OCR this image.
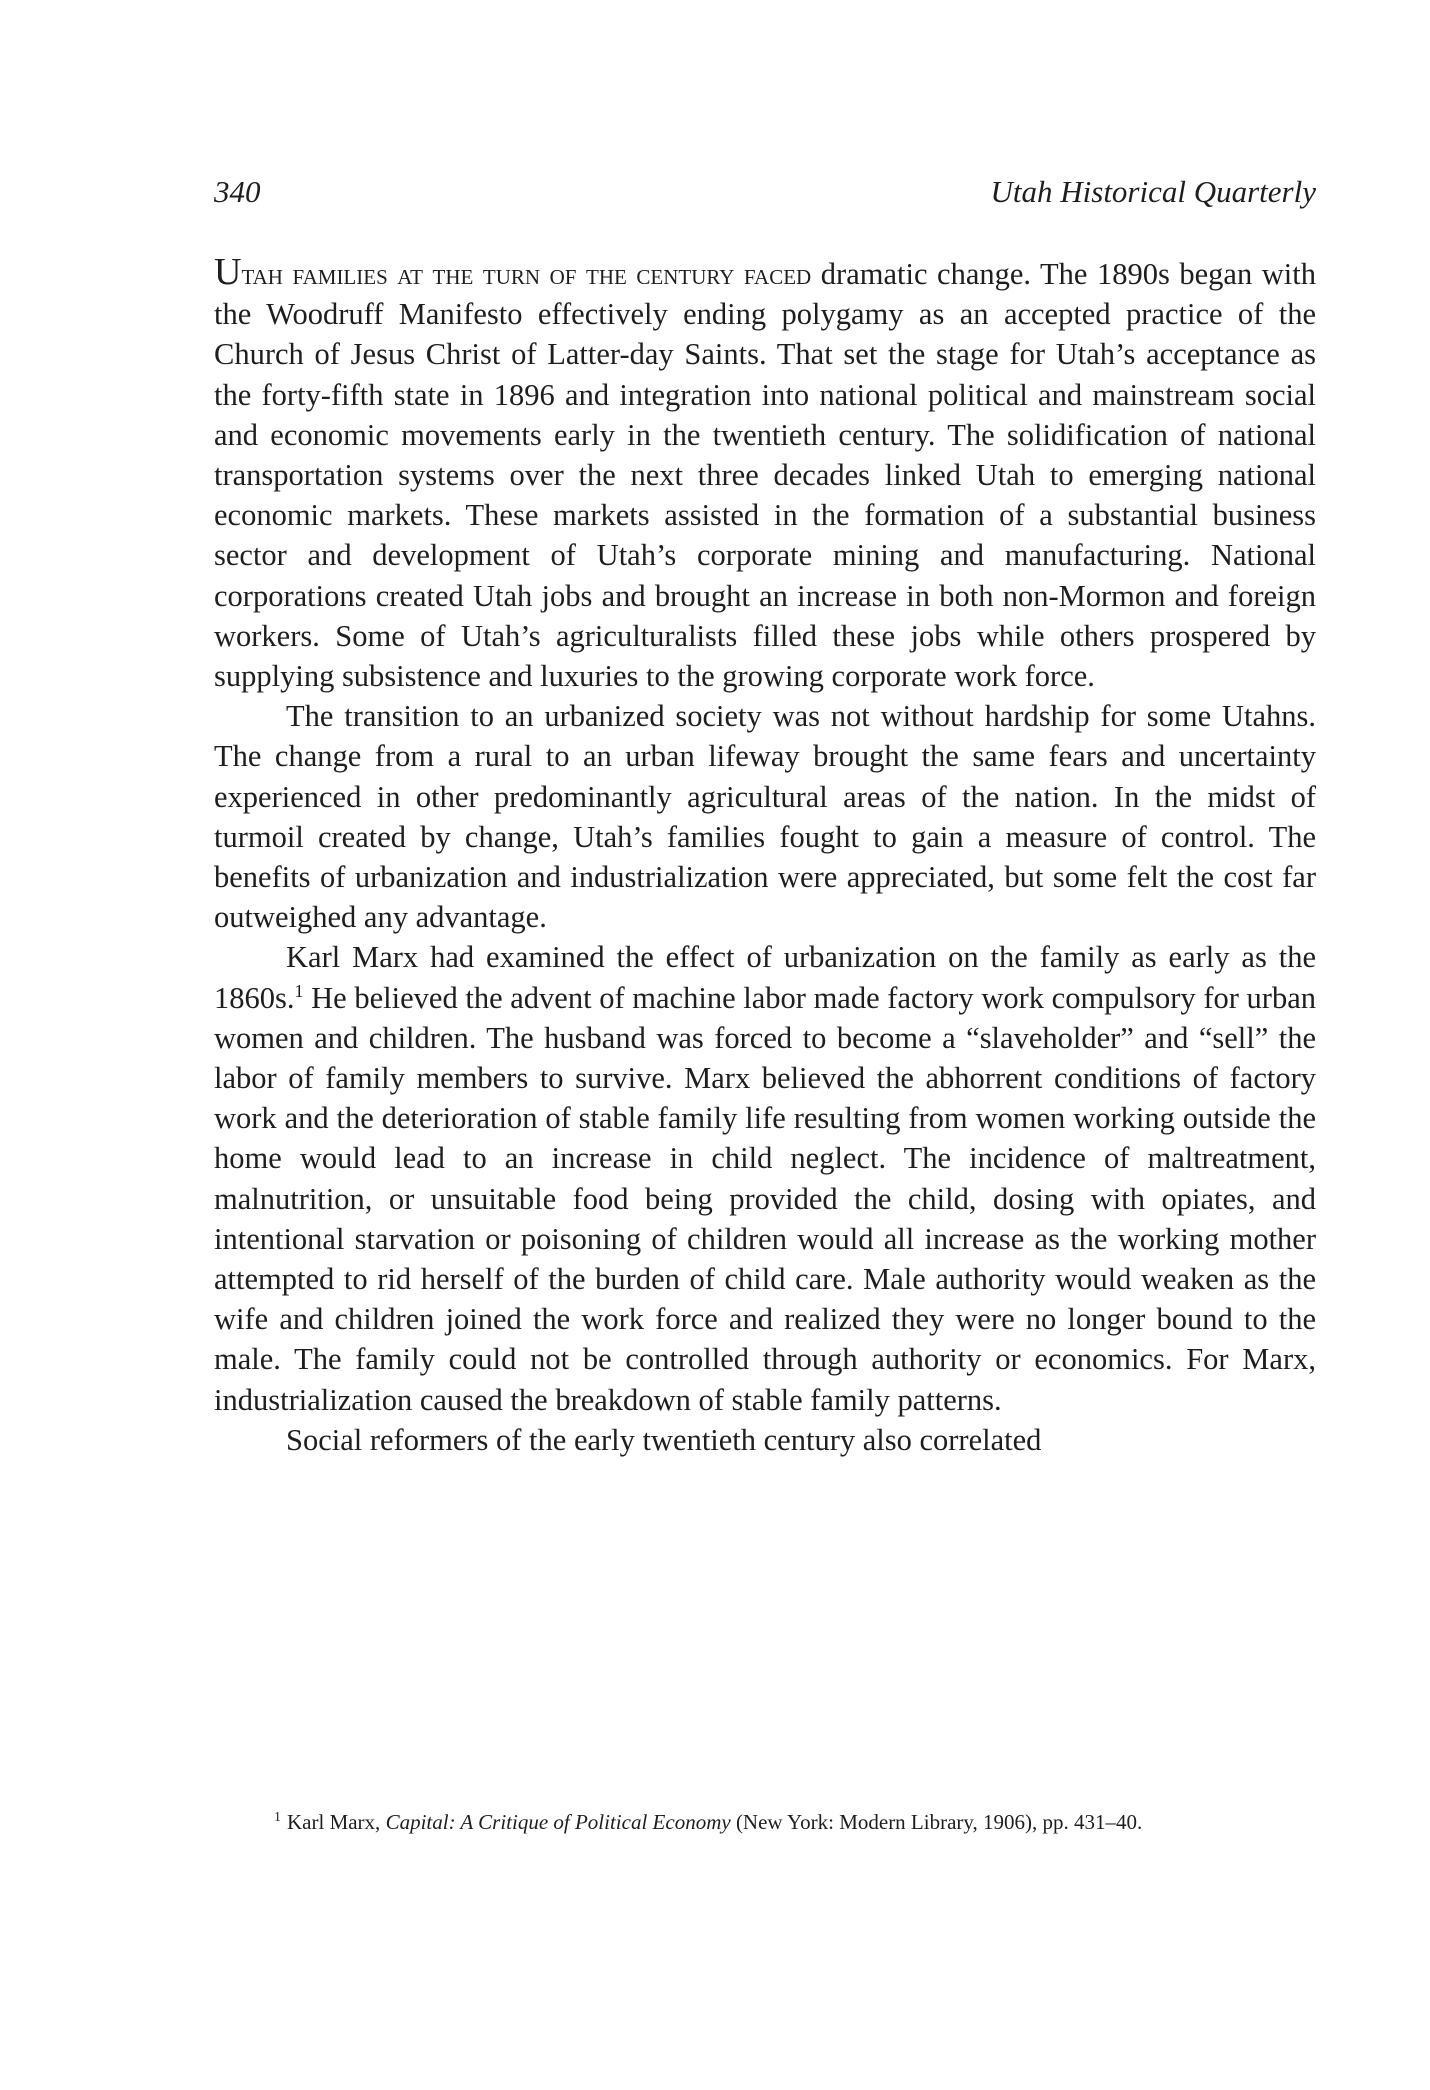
340	Utah Historical Quarterly

Utah families at the turn of the century faced dramatic change. The 1890s began with the Woodruff Manifesto effectively ending polygamy as an accepted practice of the Church of Jesus Christ of Latter-day Saints. That set the stage for Utah’s acceptance as the forty-fifth state in 1896 and integration into national political and mainstream social and economic movements early in the twentieth century. The solidification of national transportation systems over the next three decades linked Utah to emerging national economic markets. These markets assisted in the formation of a substantial business sector and development of Utah’s corporate mining and manufacturing. National corporations created Utah jobs and brought an increase in both non-Mormon and foreign workers. Some of Utah’s agriculturalists filled these jobs while others prospered by supplying subsistence and luxuries to the growing corporate work force.

The transition to an urbanized society was not without hardship for some Utahns. The change from a rural to an urban lifeway brought the same fears and uncertainty experienced in other predominantly agricultural areas of the nation. In the midst of turmoil created by change, Utah’s families fought to gain a measure of control. The benefits of urbanization and industrialization were appreciated, but some felt the cost far outweighed any advantage.

Karl Marx had examined the effect of urbanization on the family as early as the 1860s.$^1$ He believed the advent of machine labor made factory work compulsory for urban women and children. The husband was forced to become a “slaveholder” and “sell” the labor of family members to survive. Marx believed the abhorrent conditions of factory work and the deterioration of stable family life resulting from women working outside the home would lead to an increase in child neglect. The incidence of maltreatment, malnutrition, or unsuitable food being provided the child, dosing with opiates, and intentional starvation or poisoning of children would all increase as the working mother attempted to rid herself of the burden of child care. Male authority would weaken as the wife and children joined the work force and realized they were no longer bound to the male. The family could not be controlled through authority or economics. For Marx, industrialization caused the breakdown of stable family patterns.

Social reformers of the early twentieth century also correlated

$^1$ Karl Marx, Capital: A Critique of Political Economy (New York: Modern Library, 1906), pp. 431–40.
